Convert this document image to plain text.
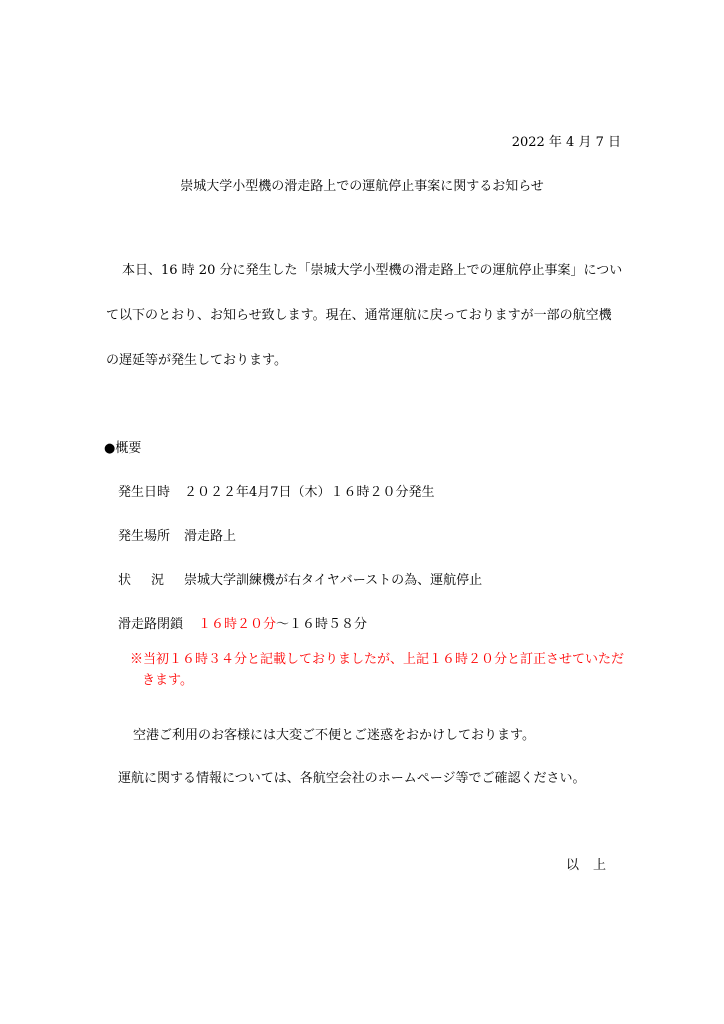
2022 年 4 月 7 日
崇城大学小型機の滑走路上での運航停止事案に関するお知らせ
本日、16 時 20 分に発生した「崇城大学小型機の滑走路上での運航停止事案」につい
て以下のとおり、お知らせ致します。現在、通常運航に戻っておりますが一部の航空機
の遅延等が発生しております。
●概要
発生日時 ２０２２年4月7日（木）１６時２０分発生
発生場所 滑走路上
状況崇城大学訓練機が右タイヤバーストの為、運航停止
滑走路閉鎖 １６時２０分～１６時５８分
※当初１６時３４分と記載しておりましたが、上記１６時２０分と訂正させていただ
きます。
空港ご利用のお客様には大変ご不便とご迷惑をおかけしております。
運航に関する情報については、各航空会社のホームページ等でご確認ください。
以上
